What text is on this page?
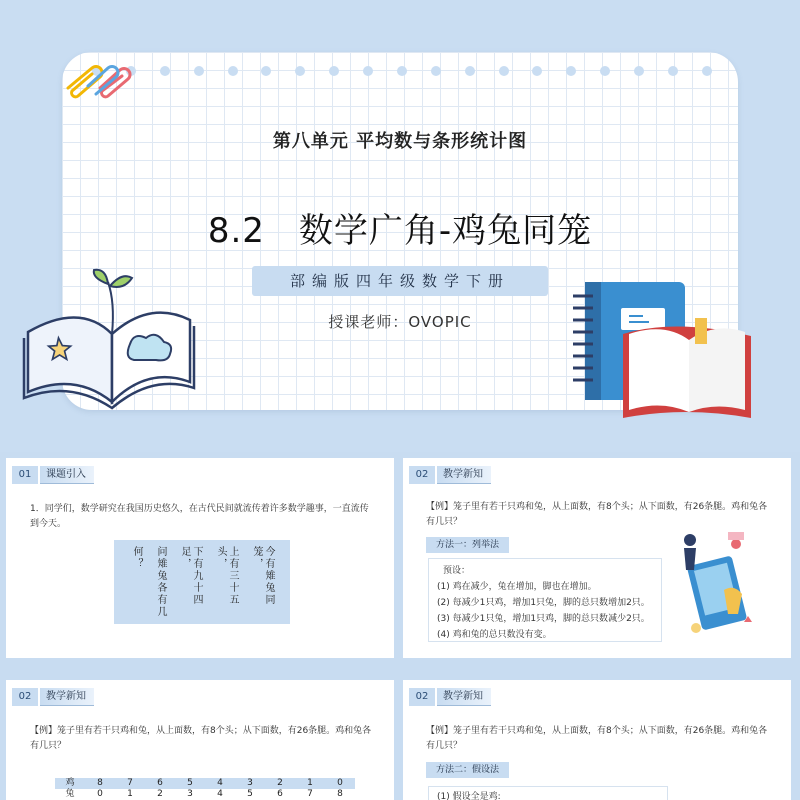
第八单元 平均数与条形统计图
8.2 数学广角-鸡兔同笼
部编版四年级数学下册
授课老师：OVOPIC
01	课题引入
1．同学们，数学研究在我国历史悠久，在古代民间就流传着许多数学趣事，一直流传到今天。
今有雉兔同笼，
上有三十五头，
下有九十四足，
问雉兔各有几
何？
02	教学新知
【例】笼子里有若干只鸡和兔，从上面数，有8个头；从下面数，有26条腿。鸡和兔各有几只？
方法一：列举法
预设：
(1) 鸡在减少，兔在增加，脚也在增加。
(2) 每减少1只鸡，增加1只兔，脚的总只数增加2只。
(3) 每减少1只兔，增加1只鸡，脚的总只数减少2只。
(4) 鸡和兔的总只数没有变。
02	教学新知
【例】笼子里有若干只鸡和兔，从上面数，有8个头；从下面数，有26条腿。鸡和兔各有几只？
鸡	8	7	6	5	4	3	2	1	0
兔	0	1	2	3	4	5	6	7	8
02	教学新知
【例】笼子里有若干只鸡和兔，从上面数，有8个头；从下面数，有26条腿。鸡和兔各有几只？
方法二：假设法
(1) 假设全是鸡:
